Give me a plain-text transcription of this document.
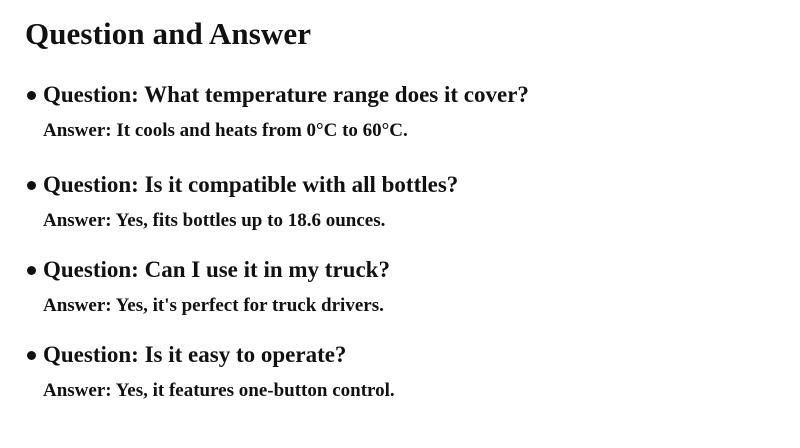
Question and Answer
Question: What temperature range does it cover?
Answer: It cools and heats from 0°C to 60°C.
Question: Is it compatible with all bottles?
Answer: Yes, fits bottles up to 18.6 ounces.
Question: Can I use it in my truck?
Answer: Yes, it's perfect for truck drivers.
Question: Is it easy to operate?
Answer: Yes, it features one-button control.
